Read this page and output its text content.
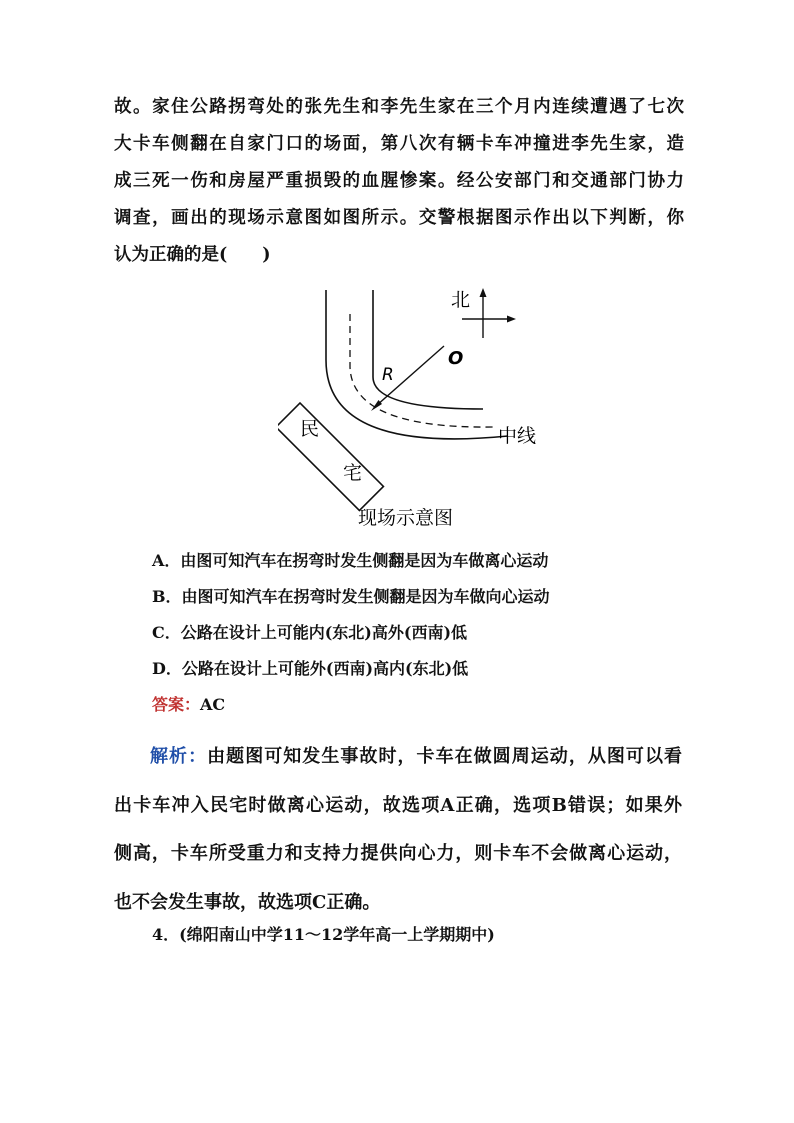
故。家住公路拐弯处的张先生和李先生家在三个月内连续遭遇了七次
大卡车侧翻在自家门口的场面，第八次有辆卡车冲撞进李先生家，造
成三死一伤和房屋严重损毁的血腥惨案。经公安部门和交通部门协力
调查，画出的现场示意图如图所示。交警根据图示作出以下判断，你
认为正确的是(　　)
北
O
R
民
宅
中线
现场示意图
A．由图可知汽车在拐弯时发生侧翻是因为车做离心运动
B．由图可知汽车在拐弯时发生侧翻是因为车做向心运动
C．公路在设计上可能内(东北)高外(西南)低
D．公路在设计上可能外(西南)高内(东北)低
答案：AC
解析：由题图可知发生事故时，卡车在做圆周运动，从图可以看
出卡车冲入民宅时做离心运动，故选项A正确，选项B错误；如果外
侧高，卡车所受重力和支持力提供向心力，则卡车不会做离心运动，
也不会发生事故，故选项C正确。
4．(绵阳南山中学11～12学年高一上学期期中)
